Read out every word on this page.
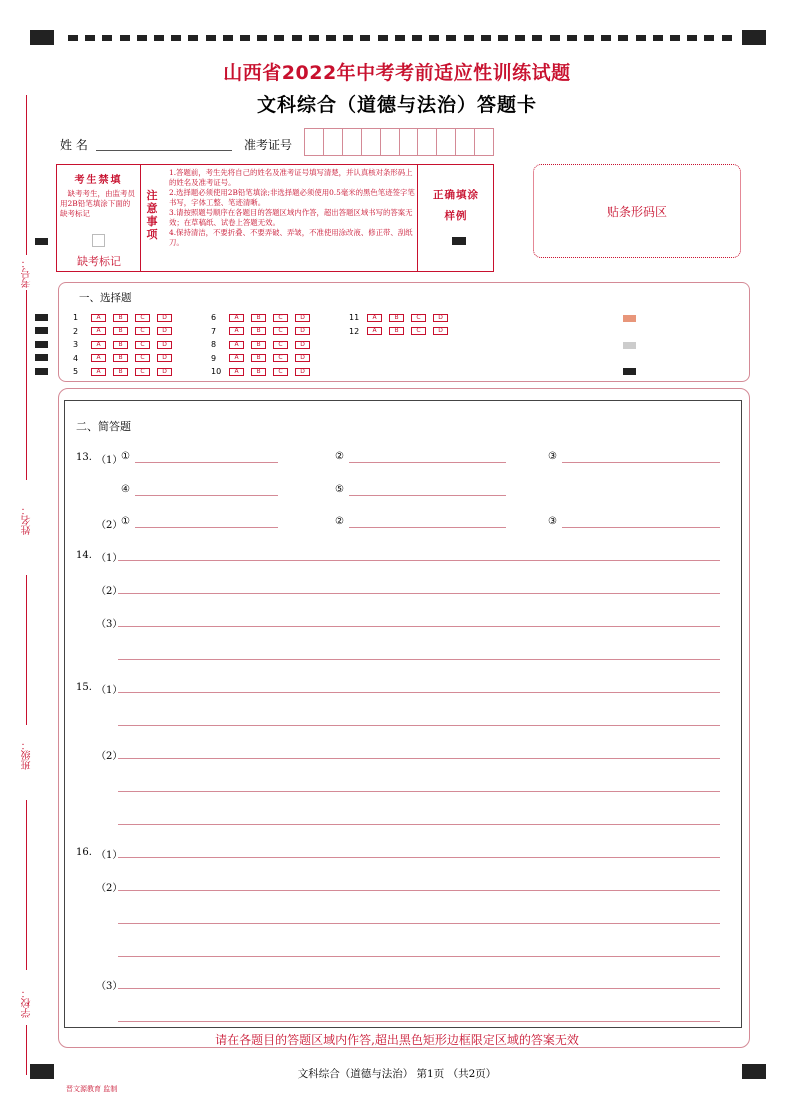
山西省2022年中考考前适应性训练试题
文科综合（道德与法治）答题卡
姓 名	准考证号
考生禁填
缺考考生，由监考员用2B铅笔填涂下面的缺考标记
缺考标记
注
意
事
项
1.答题前，考生先将自己的姓名及准考证号填写清楚，并认真核对条形码上的姓名及准考证号。
2.选择题必须使用2B铅笔填涂;非选择题必须使用0.5毫米的黑色笔迹签字笔书写，字体工整、笔迹清晰。
3.请按照题号顺序在各题目的答题区域内作答，超出答题区域书写的答案无效；在草稿纸、试卷上答题无效。
4.保持清洁，不要折叠、不要弄破、弄皱，不准使用涂改液、修正带、刮纸刀。
正确填涂
样例	贴条形码区
考号：
姓名：
班级：
学校：
一、选择题
1	A	B	C	D
2	A	B	C	D
3	A	B	C	D
4	A	B	C	D
5	A	B	C	D
6	A	B	C	D
7	A	B	C	D
8	A	B	C	D
9	A	B	C	D
10 A	B	C	D
11 A	B	C	D
12 A	B	C	D
二、简答题
13. （1）
①	②	③
④	⑤
（2）
①	②	③
14. （1）
（2）
（3）
15. （1）
（2）
16. （1）
（2）
（3）
请在各题目的答题区域内作答,超出黑色矩形边框限定区域的答案无效
文科综合（道德与法治） 第1页 （共2页）
晋文源教育 监制
